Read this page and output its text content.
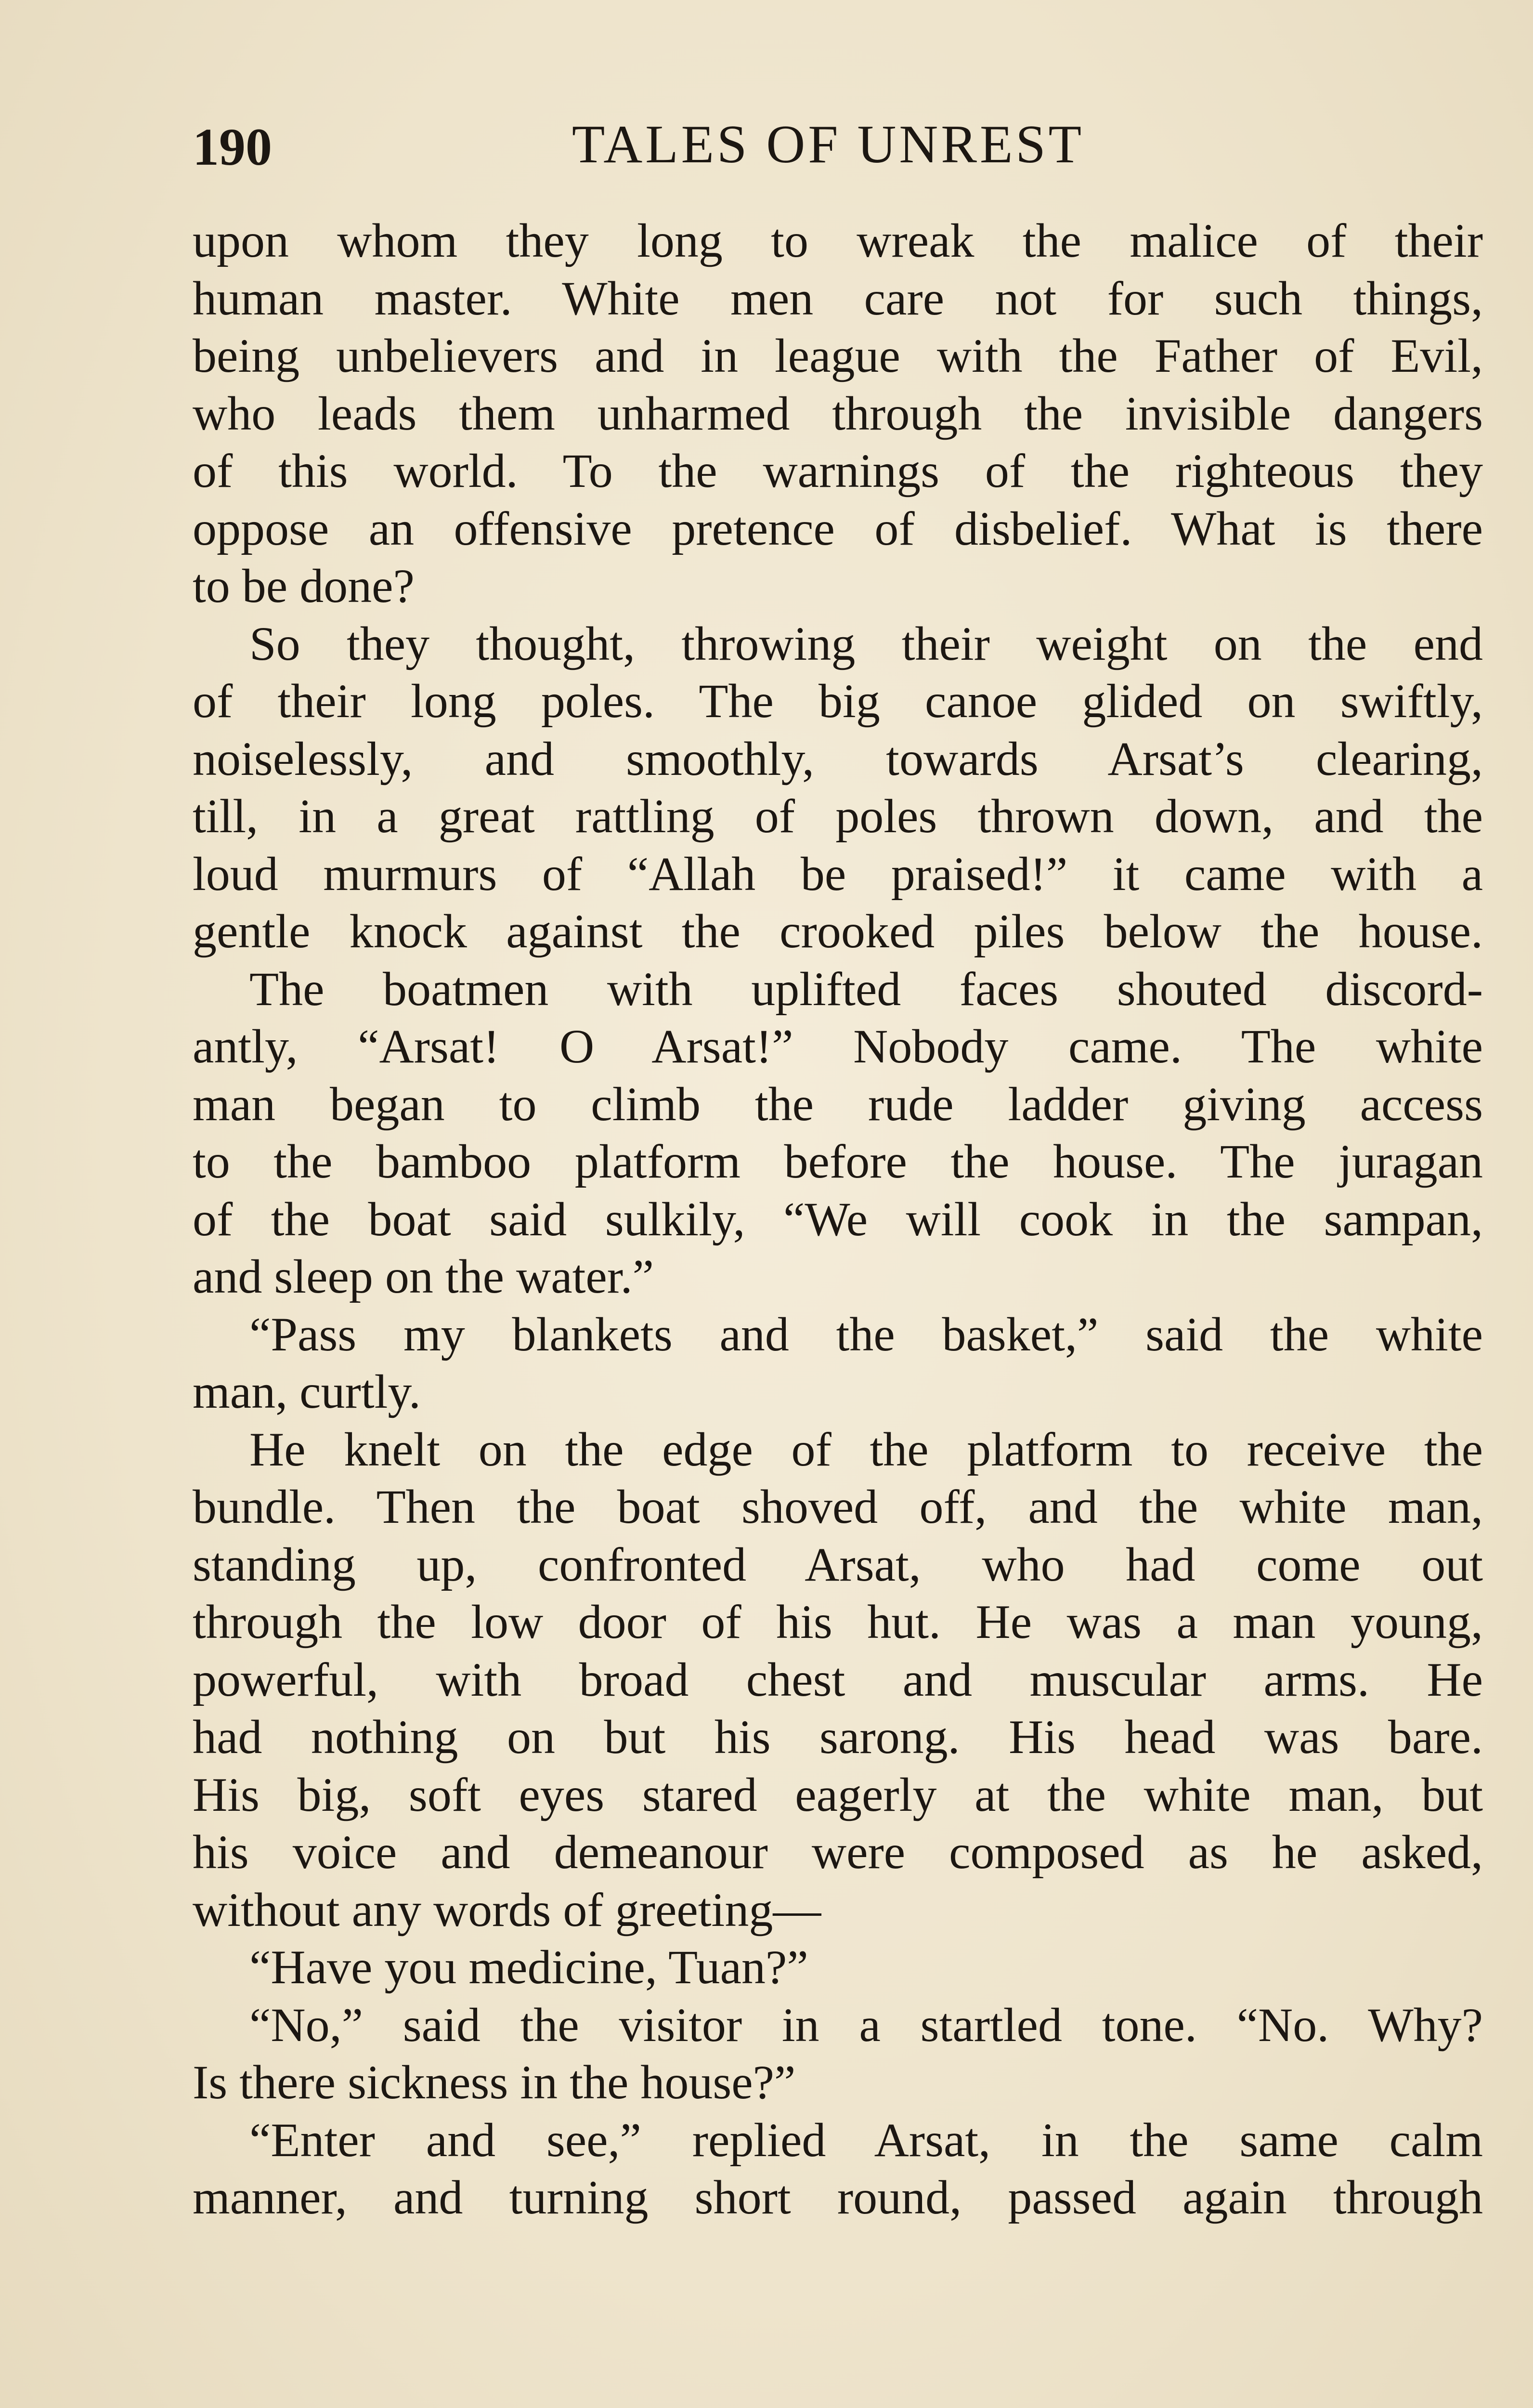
190	TALES OF UNREST
upon whom they long to wreak the malice of their
human master. White men care not for such things,
being unbelievers and in league with the Father of Evil,
who leads them unharmed through the invisible dangers
of this world. To the warnings of the righteous they
oppose an offensive pretence of disbelief. What is there
to be done?
So they thought, throwing their weight on the end
of their long poles. The big canoe glided on swiftly,
noiselessly, and smoothly, towards Arsat’s clearing,
till, in a great rattling of poles thrown down, and the
loud murmurs of “Allah be praised!” it came with a
gentle knock against the crooked piles below the house.
The boatmen with uplifted faces shouted discord-
antly, “Arsat! O Arsat!” Nobody came. The white
man began to climb the rude ladder giving access
to the bamboo platform before the house. The juragan
of the boat said sulkily, “We will cook in the sampan,
and sleep on the water.”
“Pass my blankets and the basket,” said the white
man, curtly.
He knelt on the edge of the platform to receive the
bundle. Then the boat shoved off, and the white man,
standing up, confronted Arsat, who had come out
through the low door of his hut. He was a man young,
powerful, with broad chest and muscular arms. He
had nothing on but his sarong. His head was bare.
His big, soft eyes stared eagerly at the white man, but
his voice and demeanour were composed as he asked,
without any words of greeting—
“Have you medicine, Tuan?”
“No,” said the visitor in a startled tone. “No. Why?
Is there sickness in the house?”
“Enter and see,” replied Arsat, in the same calm
manner, and turning short round, passed again through
